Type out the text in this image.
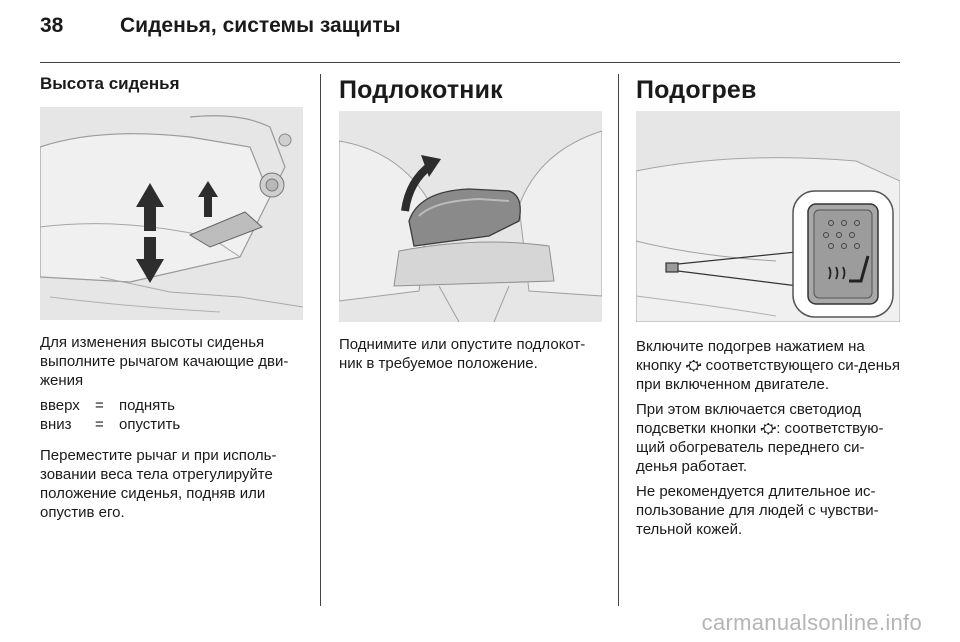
38	Сиденья, системы защиты
Высота сиденья

Для изменения высоты сиденья выполните рычагом качающие дви-жения

вверх	=	поднять
вниз	=	опустить

Переместите рычаг и при исполь-зовании веса тела отрегулируйте положение сиденья, подняв или опустив его.

Подлокотник

Поднимите или опустите подлокот-ник в требуемое положение.

Подогрев

Включите подогрев нажатием на кнопку ⛮ соответствующего си-денья при включенном двигателе.

При этом включается светодиод подсветки кнопки ⛮: соответствую-щий обогреватель переднего си-денья работает.

Не рекомендуется длительное ис-пользование для людей с чувстви-тельной кожей.

carmanualsonline.info
